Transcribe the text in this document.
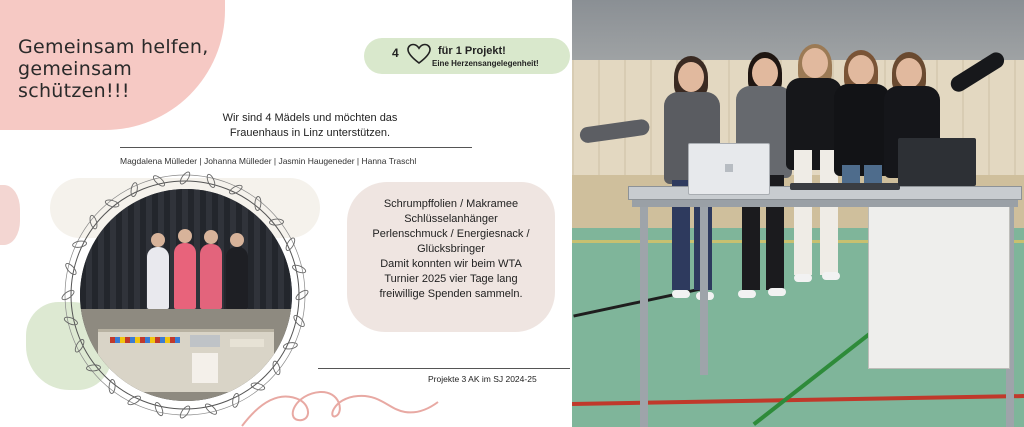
Gemeinsam helfen,
gemeinsam
schützen!!!
4	für 1 Projekt!
Eine Herzensangelegenheit!
Wir sind 4 Mädels und möchten das
Frauenhaus in Linz unterstützen.
Magdalena Mülleder | Johanna Mülleder | Jasmin Haugeneder | Hanna Traschl
Schrumpffolien / Makramee
Schlüsselanhänger
Perlenschmuck / Energiesnack /
Glücksbringer
Damit konnten wir beim WTA
Turnier 2025 vier Tage lang
freiwillige Spenden sammeln.
Projekte 3 AK im SJ 2024-25
